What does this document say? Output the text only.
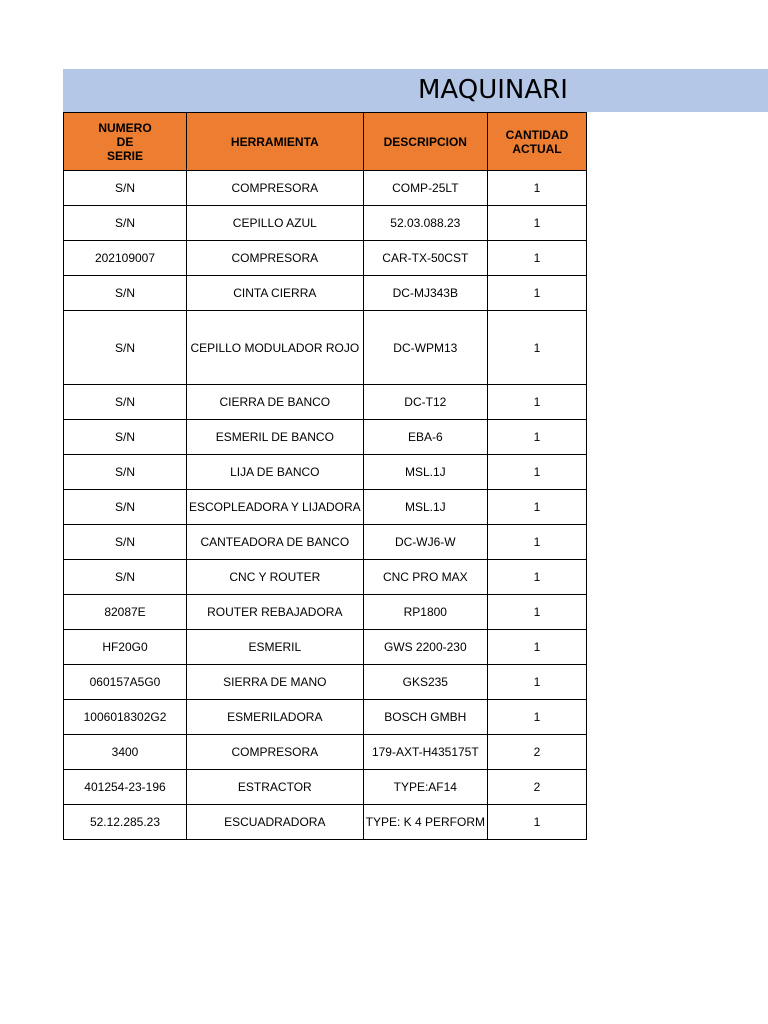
MAQUINARI
NUMERO
DE
SERIE	HERRAMIENTA	DESCRIPCION	CANTIDAD
ACTUAL
S/N	COMPRESORA	COMP-25LT	1
S/N	CEPILLO AZUL	52.03.088.23	1
202109007	COMPRESORA	CAR-TX-50CST	1
S/N	CINTA CIERRA	DC-MJ343B	1
S/N	CEPILLO MODULADOR ROJO	DC-WPM13	1
S/N	CIERRA DE BANCO	DC-T12	1
S/N	ESMERIL DE BANCO	EBA-6	1
S/N	LIJA DE BANCO	MSL.1J	1
S/N	ESCOPLEADORA Y LIJADORA	MSL.1J	1
S/N	CANTEADORA DE BANCO	DC-WJ6-W	1
S/N	CNC Y ROUTER	CNC PRO MAX	1
82087E	ROUTER REBAJADORA	RP1800	1
HF20G0	ESMERIL	GWS 2200-230	1
060157A5G0	SIERRA DE MANO	GKS235	1
1006018302G2	ESMERILADORA	BOSCH GMBH	1
3400	COMPRESORA	179-AXT-H435175T	2
401254-23-196	ESTRACTOR	TYPE:AF14	2
52.12.285.23	ESCUADRADORA	TYPE: K 4 PERFORM	1
